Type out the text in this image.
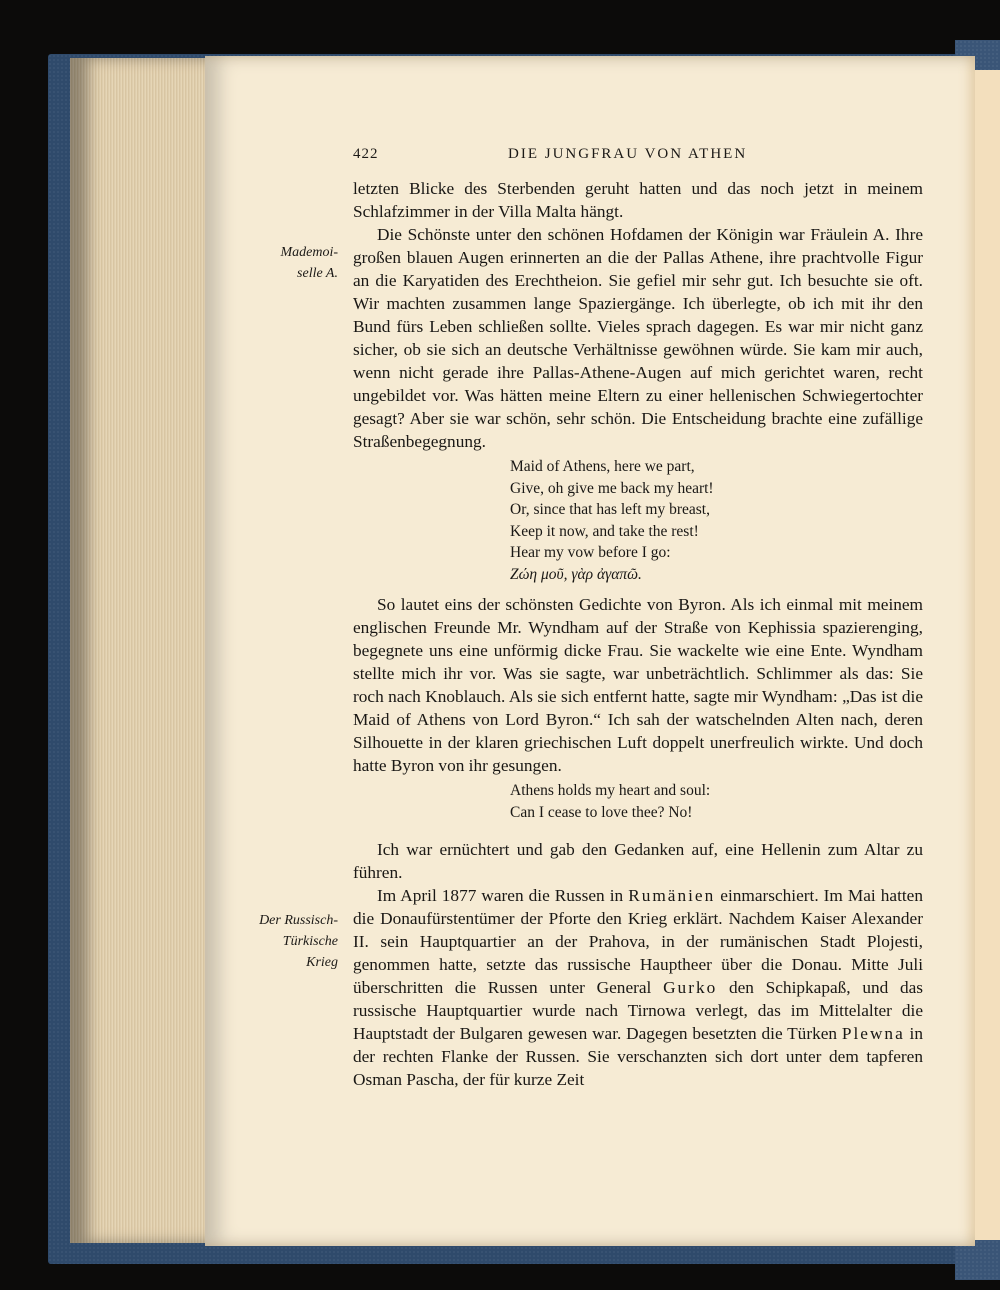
422	DIE JUNGFRAU VON ATHEN
Mademoi-
selle A.
Der Russisch-
Türkische
Krieg

letzten Blicke des Sterbenden geruht hatten und das noch jetzt in meinem Schlafzimmer in der Villa Malta hängt.

Die Schönste unter den schönen Hofdamen der Königin war Fräulein A. Ihre großen blauen Augen erinnerten an die der Pallas Athene, ihre prachtvolle Figur an die Karyatiden des Erechtheion. Sie gefiel mir sehr gut. Ich besuchte sie oft. Wir machten zusammen lange Spaziergänge. Ich überlegte, ob ich mit ihr den Bund fürs Leben schließen sollte. Vieles sprach dagegen. Es war mir nicht ganz sicher, ob sie sich an deutsche Verhältnisse gewöhnen würde. Sie kam mir auch, wenn nicht gerade ihre Pallas-Athene-Augen auf mich gerichtet waren, recht ungebildet vor. Was hätten meine Eltern zu einer hellenischen Schwiegertochter gesagt? Aber sie war schön, sehr schön. Die Entscheidung brachte eine zufällige Straßenbegegnung.

Maid of Athens, here we part,
Give, oh give me back my heart!
Or, since that has left my breast,
Keep it now, and take the rest!
Hear my vow before I go:
Ζώη μοῦ, γὰρ ἀγαπῶ.

So lautet eins der schönsten Gedichte von Byron. Als ich einmal mit meinem englischen Freunde Mr. Wyndham auf der Straße von Kephissia spazierenging, begegnete uns eine unförmig dicke Frau. Sie wackelte wie eine Ente. Wyndham stellte mich ihr vor. Was sie sagte, war unbeträchtlich. Schlimmer als das: Sie roch nach Knoblauch. Als sie sich entfernt hatte, sagte mir Wyndham: „Das ist die Maid of Athens von Lord Byron.“ Ich sah der watschelnden Alten nach, deren Silhouette in der klaren griechischen Luft doppelt unerfreulich wirkte. Und doch hatte Byron von ihr gesungen.

Athens holds my heart and soul:
Can I cease to love thee? No!

Ich war ernüchtert und gab den Gedanken auf, eine Hellenin zum Altar zu führen.

Im April 1877 waren die Russen in Rumänien einmarschiert. Im Mai hatten die Donaufürstentümer der Pforte den Krieg erklärt. Nachdem Kaiser Alexander II. sein Hauptquartier an der Prahova, in der rumänischen Stadt Plojesti, genommen hatte, setzte das russische Hauptheer über die Donau. Mitte Juli überschritten die Russen unter General Gurko den Schipkapaß, und das russische Hauptquartier wurde nach Tirnowa verlegt, das im Mittelalter die Hauptstadt der Bulgaren gewesen war. Dagegen besetzten die Türken Plewna in der rechten Flanke der Russen. Sie verschanzten sich dort unter dem tapferen Osman Pascha, der für kurze Zeit
